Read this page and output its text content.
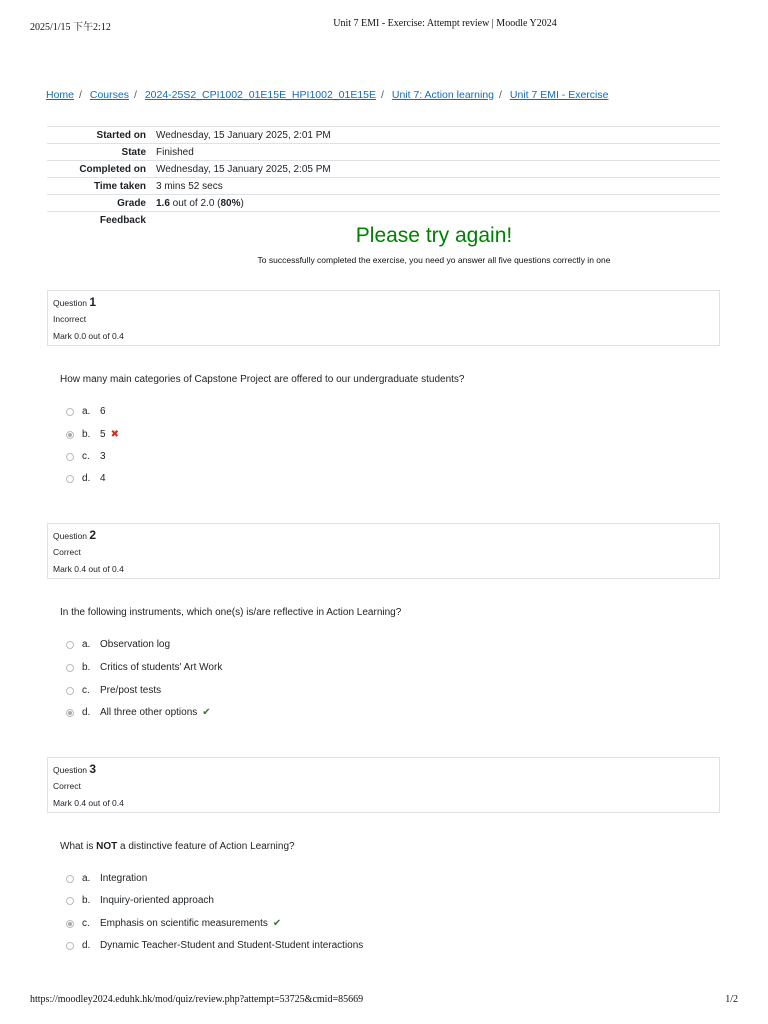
2025/1/15 下午2:12	Unit 7 EMI - Exercise: Attempt review | Moodle Y2024
Home / Courses / 2024-25S2_CPI1002_01E15E_HPI1002_01E15E / Unit 7: Action learning / Unit 7 EMI - Exercise
Started on	Wednesday, 15 January 2025, 2:01 PM
State	Finished
Completed on	Wednesday, 15 January 2025, 2:05 PM
Time taken	3 mins 52 secs
Grade	1.6 out of 2.0 (80%)
Feedback	
Please try again!
To successfully completed the exercise, you need yo answer all five questions correctly in one
Question 1
Incorrect
Mark 0.0 out of 0.4
How many main categories of Capstone Project are offered to our undergraduate students?
a. 6
b. 5 ✖
c. 3
d. 4
Question 2
Correct
Mark 0.4 out of 0.4
In the following instruments, which one(s) is/are reflective in Action Learning?
a. Observation log
b. Critics of students' Art Work
c. Pre/post tests
d. All three other options ✔
Question 3
Correct
Mark 0.4 out of 0.4
What is NOT a distinctive feature of Action Learning?
a. Integration
b. Inquiry-oriented approach
c. Emphasis on scientific measurements ✔
d. Dynamic Teacher-Student and Student-Student interactions
https://moodley2024.eduhk.hk/mod/quiz/review.php?attempt=53725&cmid=85669	1/2
